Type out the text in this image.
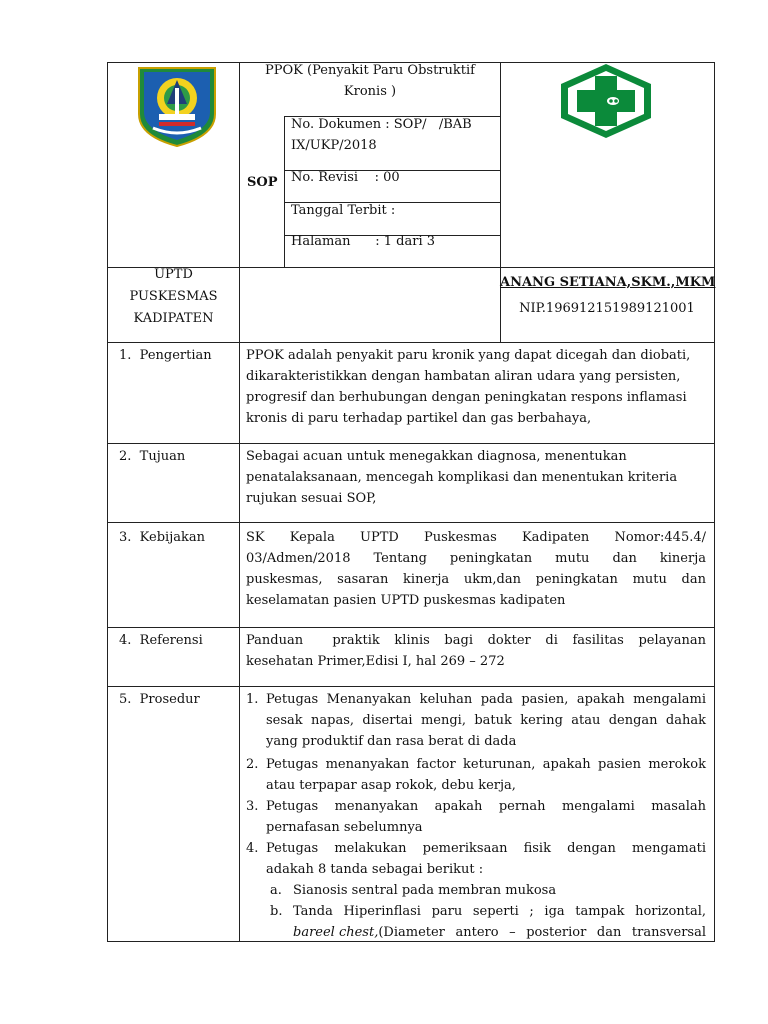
PPOK (Penyakit Paru Obstruktif
Kronis )
SOP
No. Dokumen : SOP/   /BAB
IX/UKP/2018
No. Revisi    : 00
Tanggal Terbit :
Halaman      : 1 dari 3
UPTD
PUSKESMAS
KADIPATEN
ANANG SETIANA,SKM.,MKM
NIP.196912151989121001
1.  Pengertian	PPOK adalah penyakit paru kronik yang dapat dicegah dan diobati,
dikarakteristikkan dengan hambatan aliran udara yang persisten,
progresif dan berhubungan dengan peningkatan respons inflamasi
kronis di paru terhadap partikel dan gas berbahaya,
2.  Tujuan	Sebagai acuan untuk menegakkan diagnosa, menentukan
penatalaksanaan, mencegah komplikasi dan menentukan kriteria
rujukan sesuai SOP,
3.  Kebijakan	SK Kepala UPTD Puskesmas Kadipaten Nomor:445.4/
03/Admen/2018 Tentang peningkatan mutu dan kinerja
puskesmas, sasaran kinerja ukm,dan peningkatan mutu dan
keselamatan pasien UPTD puskesmas kadipaten
4.  Referensi	Panduan  praktik klinis bagi dokter di fasilitas pelayanan
kesehatan Primer,Edisi I, hal 269 – 272
5.  Prosedur	1. Petugas Menanyakan keluhan pada pasien, apakah mengalami
sesak napas, disertai mengi, batuk kering atau dengan dahak
yang produktif dan rasa berat di dada
2. Petugas menanyakan factor keturunan, apakah pasien merokok
atau terpapar asap rokok, debu kerja,
3. Petugas menanyakan apakah pernah mengalami masalah
pernafasan sebelumnya
4. Petugas melakukan pemeriksaan fisik dengan mengamati
adakah 8 tanda sebagai berikut :
a. Sianosis sentral pada membran mukosa
b. Tanda Hiperinflasi paru seperti ; iga tampak horizontal,
bareel chest, (Diameter antero – posterior dan transversal
